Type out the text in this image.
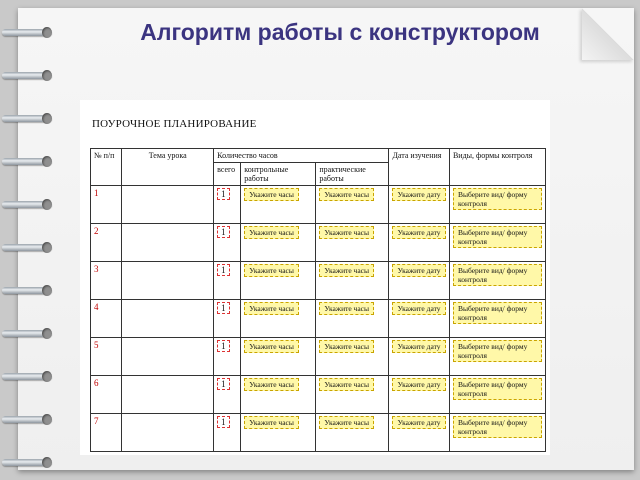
Алгоритм работы с конструктором
ПОУРОЧНОЕ ПЛАНИРОВАНИЕ
№ п/п	Тема урока	Количество часов			Дата изучения	Виды, формы контроля
		всего	контрольные работы	практические работы		
1		1	Укажите часы	Укажите часы	Укажите дату	Выберите вид/ форму контроля
2		1	Укажите часы	Укажите часы	Укажите дату	Выберите вид/ форму контроля
3		1	Укажите часы	Укажите часы	Укажите дату	Выберите вид/ форму контроля
4		1	Укажите часы	Укажите часы	Укажите дату	Выберите вид/ форму контроля
5		1	Укажите часы	Укажите часы	Укажите дату	Выберите вид/ форму контроля
6		1	Укажите часы	Укажите часы	Укажите дату	Выберите вид/ форму контроля
7		1	Укажите часы	Укажите часы	Укажите дату	Выберите вид/ форму контроля
